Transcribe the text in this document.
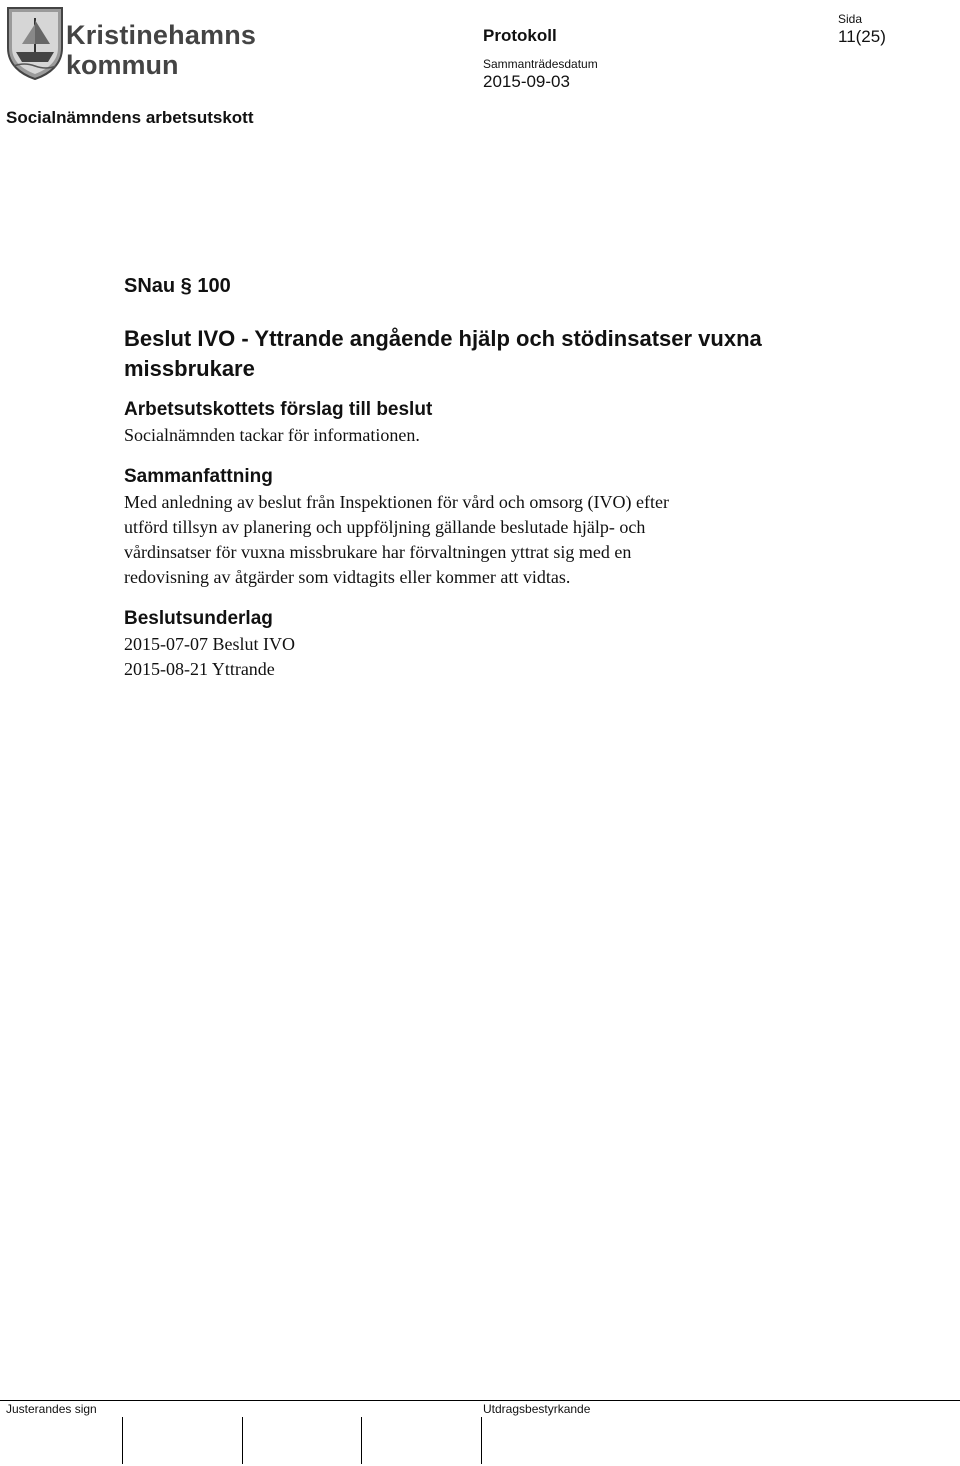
Kristinehamns
kommun
Protokoll
Sammanträdesdatum
2015-09-03
Sida
11(25)
Socialnämndens arbetsutskott

SNau § 100

Beslut IVO - Yttrande angående hjälp och stödinsatser vuxna missbrukare
Arbetsutskottets förslag till beslut

Socialnämnden tackar för informationen.

Sammanfattning

Med anledning av beslut från Inspektionen för vård och omsorg (IVO) efter

utförd tillsyn av planering och uppföljning gällande beslutade hjälp- och

vårdinsatser för vuxna missbrukare har förvaltningen yttrat sig med en

redovisning av åtgärder som vidtagits eller kommer att vidtas.

Beslutsunderlag

2015-07-07 Beslut IVO

2015-08-21 Yttrande

Justerandes sign	Utdragsbestyrkande
